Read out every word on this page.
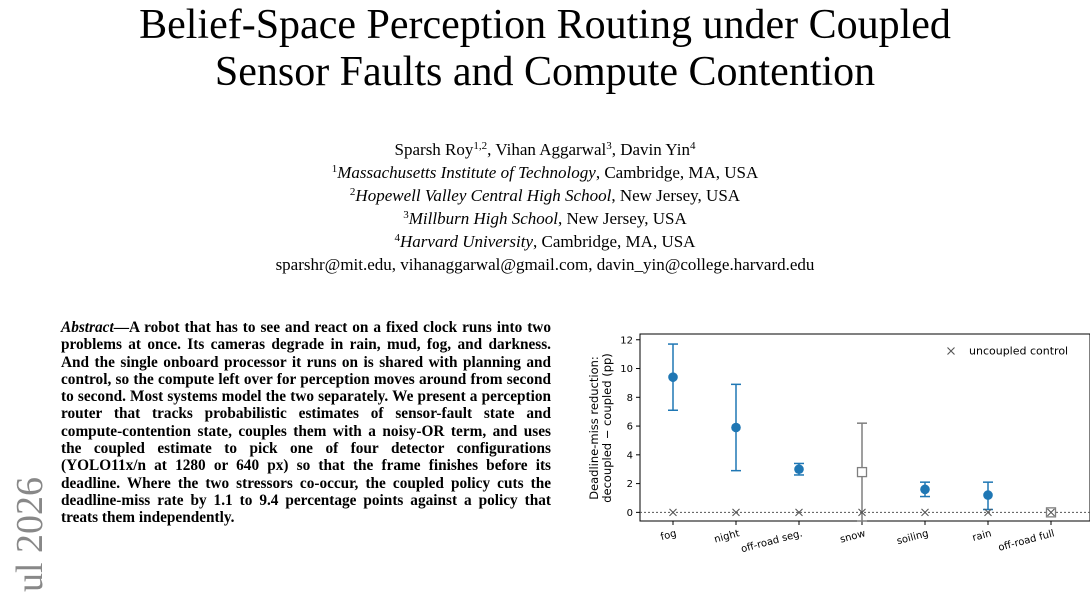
Belief-Space Perception Routing under Coupled
Sensor Faults and Compute Contention
Sparsh Roy$^{1,2}$, Vihan Aggarwal$^3$, Davin Yin$^4$
$^1$Massachusetts Institute of Technology, Cambridge, MA, USA
$^2$Hopewell Valley Central High School, New Jersey, USA
$^3$Millburn High School, New Jersey, USA
$^4$Harvard University, Cambridge, MA, USA
sparshr@mit.edu, vihanaggarwal@gmail.com, davin_yin@college.harvard.edu
Abstract—A robot that has to see and react on a fixed clock runs into two problems at once. Its cameras degrade in rain, mud, fog, and darkness. And the single onboard processor it runs on is shared with planning and control, so the compute left over for perception moves around from second to second. Most systems model the two separately. We present a perception router that tracks probabilistic estimates of sensor-fault state and compute-contention state, couples them with a noisy-OR term, and uses the coupled estimate to pick one of four detector configurations (YOLO11x/n at 1280 or 640 px) so that the frame finishes before its deadline. Where the two stressors co-occur, the coupled policy cuts the deadline-miss rate by 1.1 to 9.4 percentage points against a policy that treats them independently.
ul 2026
Deadline-miss reduction: decoupled − coupled (pp)
0
2
4
6
8
10
12
fog	night off-road seg.	snow	soiling	rain off-road full
uncoupled control
